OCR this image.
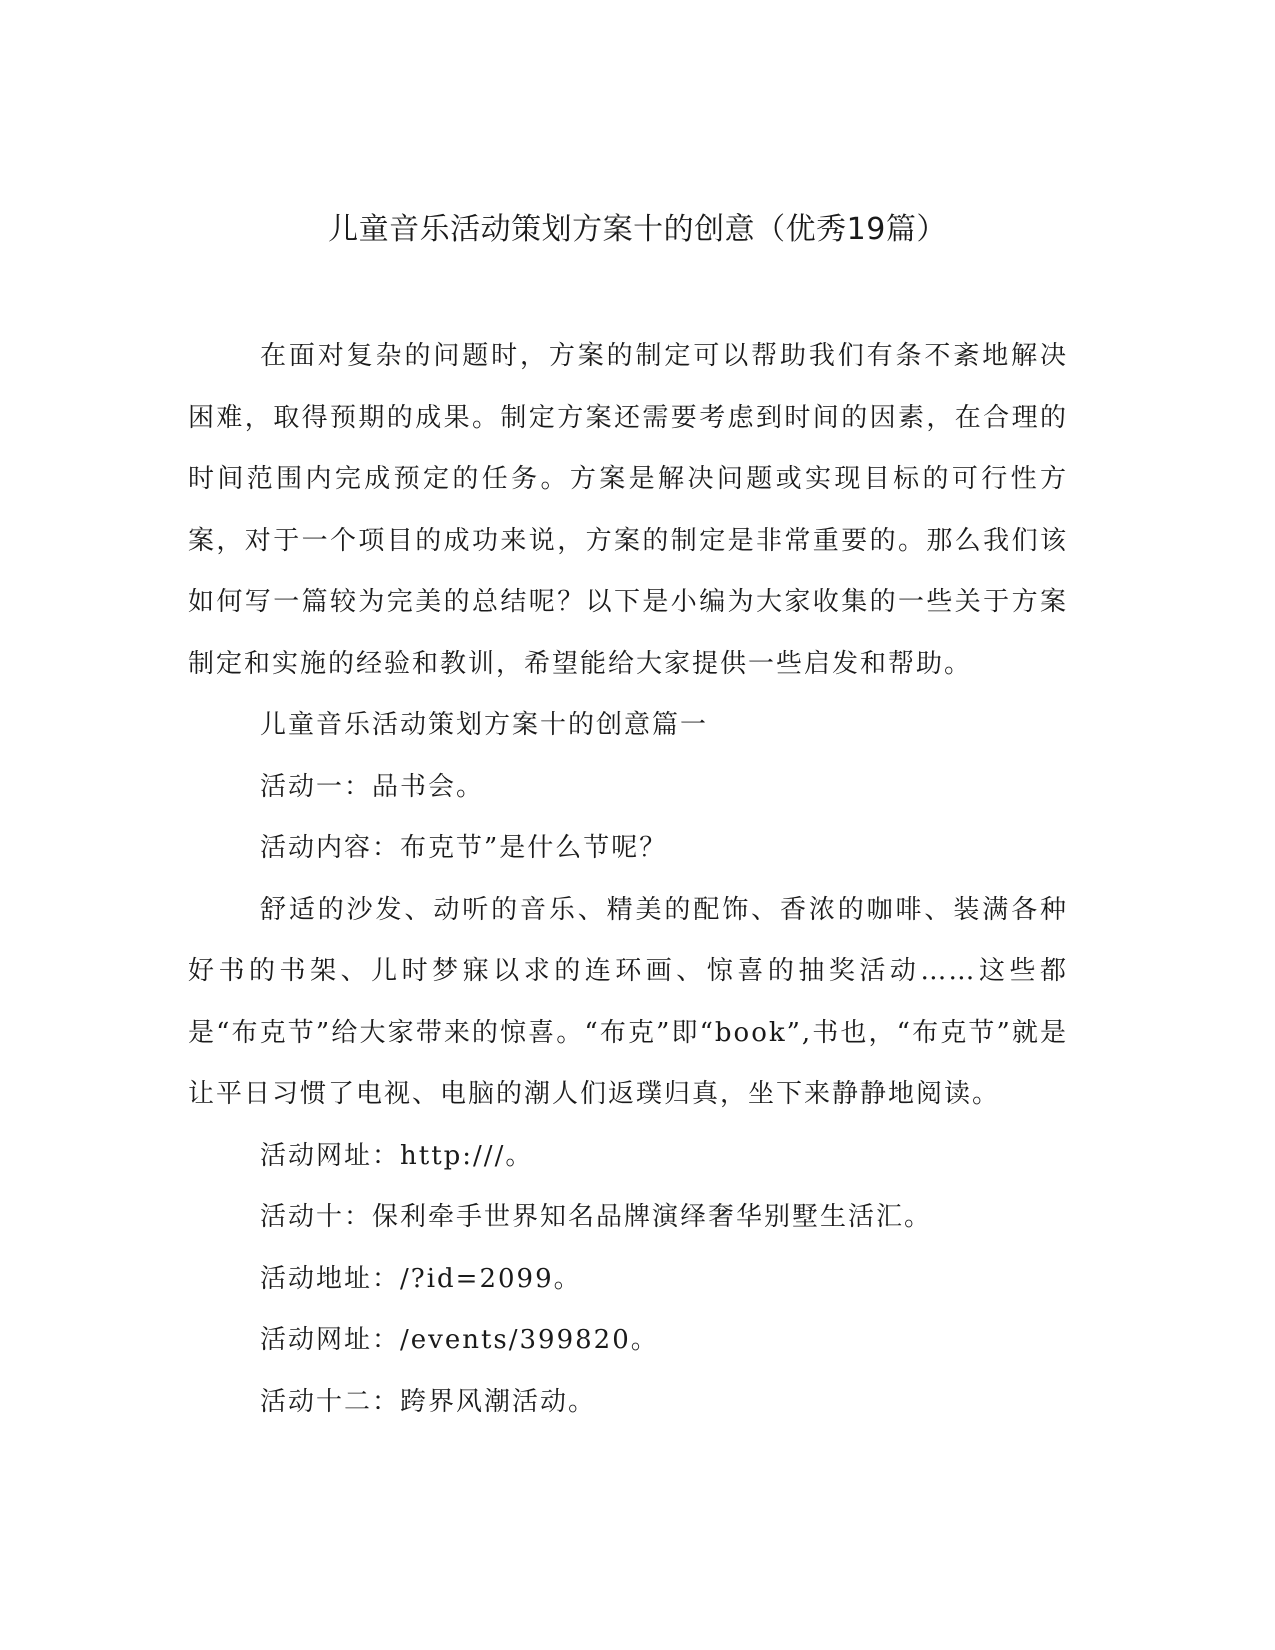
儿童音乐活动策划方案十的创意（优秀19篇）

在面对复杂的问题时，方案的制定可以帮助我们有条不紊地解决困难，取得预期的成果。制定方案还需要考虑到时间的因素，在合理的时间范围内完成预定的任务。方案是解决问题或实现目标的可行性方案，对于一个项目的成功来说，方案的制定是非常重要的。那么我们该如何写一篇较为完美的总结呢？以下是小编为大家收集的一些关于方案制定和实施的经验和教训，希望能给大家提供一些启发和帮助。

儿童音乐活动策划方案十的创意篇一

活动一：品书会。

活动内容：布克节”是什么节呢？

舒适的沙发、动听的音乐、精美的配饰、香浓的咖啡、装满各种好书的书架、儿时梦寐以求的连环画、惊喜的抽奖活动……这些都是“布克节”给大家带来的惊喜。“布克”即“book”,书也，“布克节”就是让平日习惯了电视、电脑的潮人们返璞归真，坐下来静静地阅读。

活动网址：http:///。

活动十：保利牵手世界知名品牌演绎奢华别墅生活汇。

活动地址：/?id=2099。

活动网址：/events/399820。

活动十二：跨界风潮活动。
